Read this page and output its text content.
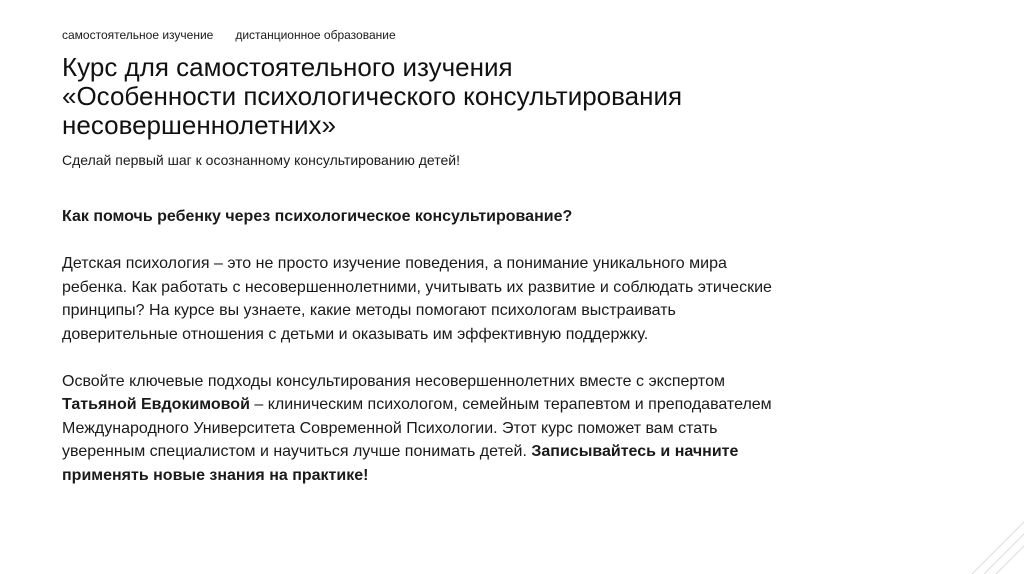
самостоятельное изучение дистанционное образование
Курс для самостоятельного изучения
«Особенности психологического консультирования
несовершеннолетних»
Сделай первый шаг к осознанному консультированию детей!

Как помочь ребенку через психологическое консультирование?

Детская психология – это не просто изучение поведения, а понимание уникального мира
ребенка. Как работать с несовершеннолетними, учитывать их развитие и соблюдать этические
принципы? На курсе вы узнаете, какие методы помогают психологам выстраивать
доверительные отношения с детьми и оказывать им эффективную поддержку.

Освойте ключевые подходы консультирования несовершеннолетних вместе с экспертом
Татьяной Евдокимовой – клиническим психологом, семейным терапевтом и преподавателем
Международного Университета Современной Психологии. Этот курс поможет вам стать
уверенным специалистом и научиться лучше понимать детей. Записывайтесь и начните
применять новые знания на практике!
